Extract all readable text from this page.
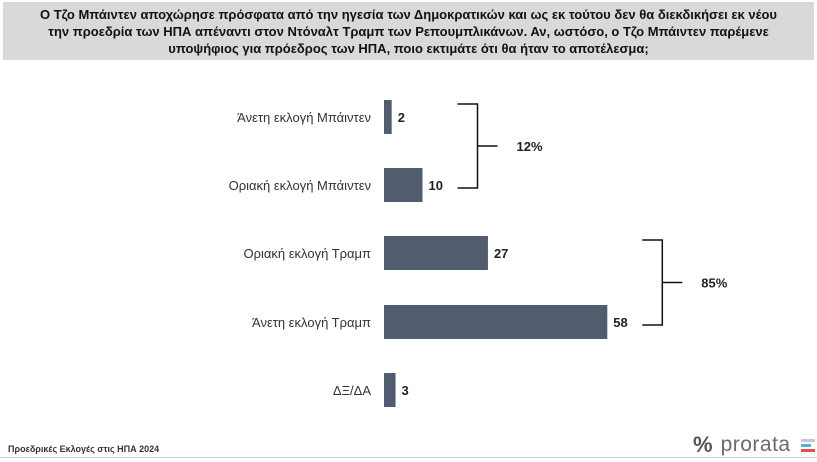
Ο Τζο Μπάιντεν αποχώρησε πρόσφατα από την ηγεσία των Δημοκρατικών και ως εκ τούτου δεν θα διεκδικήσει εκ νέου
την προεδρία των ΗΠΑ απέναντι στον Ντόναλτ Τραμπ των Ρεπουμπλικάνων. Αν, ωστόσο, ο Τζο Μπάιντεν παρέμενε
υποψήφιος για πρόεδρος των ΗΠΑ, ποιο εκτιμάτε ότι θα ήταν το αποτέλεσμα;
Άνετη εκλογή Μπάιντεν 2
Οριακή εκλογή Μπάιντεν	10
Οριακή εκλογή Τραμπ	27
Άνετη εκλογή Τραμπ	58
ΔΞ/ΔΑ 3
12%
85%
Προεδρικές Εκλογές στις ΗΠΑ 2024	% prorata
